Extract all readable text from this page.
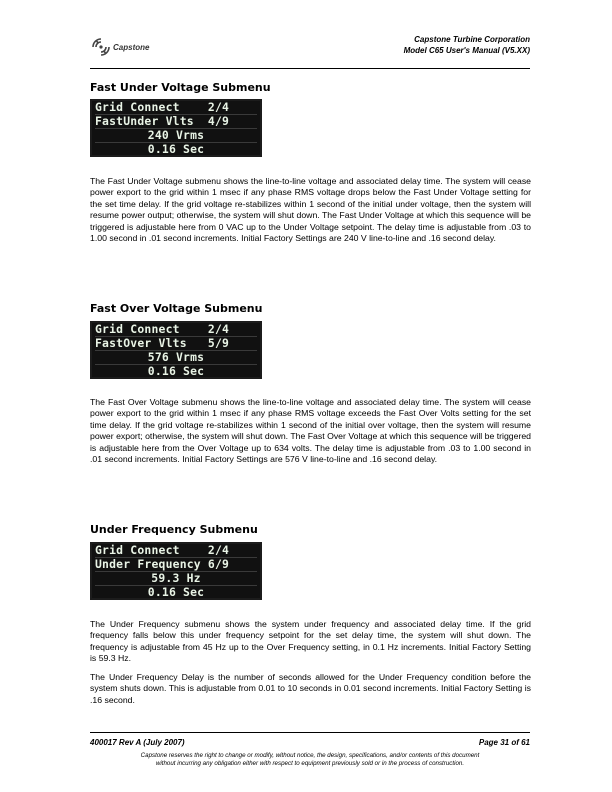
Capstone
Capstone Turbine Corporation
Model C65 User's Manual (V5.XX)
Fast Under Voltage Submenu
Grid Connect    2/4
FastUnder Vlts  4/9
240 Vrms
0.16 Sec

The Fast Under Voltage submenu shows the line-to-line voltage and associated delay time. The system will cease power export to the grid within 1 msec if any phase RMS voltage drops below the Fast Under Voltage setting for the set time delay. If the grid voltage re-stabilizes within 1 second of the initial under voltage, then the system will resume power output; otherwise, the system will shut down. The Fast Under Voltage at which this sequence will be triggered is adjustable here from 0 VAC up to the Under Voltage setpoint. The delay time is adjustable from .03 to 1.00 second in .01 second increments. Initial Factory Settings are 240 V line-to-line and .16 second delay.

Fast Over Voltage Submenu
Grid Connect    2/4
FastOver Vlts   5/9
576 Vrms
0.16 Sec

The Fast Over Voltage submenu shows the line-to-line voltage and associated delay time. The system will cease power export to the grid within 1 msec if any phase RMS voltage exceeds the Fast Over Volts setting for the set time delay. If the grid voltage re-stabilizes within 1 second of the initial over voltage, then the system will resume power export; otherwise, the system will shut down. The Fast Over Voltage at which this sequence will be triggered is adjustable here from the Over Voltage up to 634 volts. The delay time is adjustable from .03 to 1.00 second in .01 second increments. Initial Factory Settings are 576 V line-to-line and .16 second delay.

Under Frequency Submenu
Grid Connect    2/4
Under Frequency 6/9
59.3 Hz
0.16 Sec

The Under Frequency submenu shows the system under frequency and associated delay time. If the grid frequency falls below this under frequency setpoint for the set delay time, the system will shut down. The frequency is adjustable from 45 Hz up to the Over Frequency setting, in 0.1 Hz increments. Initial Factory Setting is 59.3 Hz.

The Under Frequency Delay is the number of seconds allowed for the Under Frequency condition before the system shuts down. This is adjustable from 0.01 to 10 seconds in 0.01 second increments. Initial Factory Setting is .16 second.

400017 Rev A (July 2007)	Page 31 of 61
Capstone reserves the right to change or modify, without notice, the design, specifications, and/or contents of this document
without incurring any obligation either with respect to equipment previously sold or in the process of construction.
